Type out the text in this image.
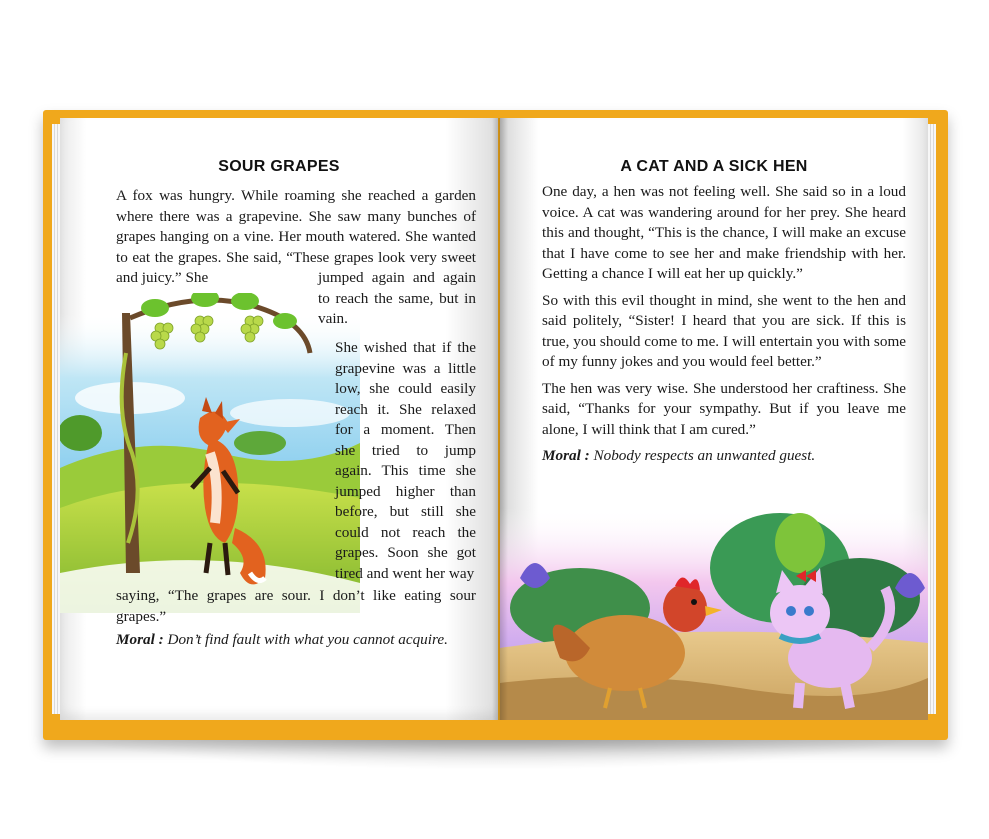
SOUR GRAPES
A fox was hungry. While roaming she reached a garden where there was a grapevine. She saw many bunches of grapes hanging on a vine. Her mouth watered. She wanted to eat the grapes. She said, “These grapes look very sweet and juicy.” She	jumped again and again to reach the same, but in vain.
She wished that if the grapevine was a little low, she could easily reach it. She relaxed for a moment. Then she tried to jump again. This time she jumped higher than before, but still she could not reach the grapes. Soon she got tired and went her way
saying, “The grapes are sour. I don’t like eating sour grapes.”
Moral : Don’t find fault with what you cannot acquire.
A CAT AND A SICK HEN

One day, a hen was not feeling well. She said so in a loud voice. A cat was wandering around for her prey. She heard this and thought, “This is the chance, I will make an excuse that I have come to see her and make friendship with her. Getting a chance I will eat her up quickly.”

So with this evil thought in mind, she went to the hen and said politely, “Sister! I heard that you are sick. If this is true, you should come to me. I will entertain you with some of my funny jokes and you would feel better.”

The hen was very wise. She understood her craftiness. She said, “Thanks for your sympathy. But if you leave me alone, I will think that I am cured.”

Moral : Nobody respects an unwanted guest.
